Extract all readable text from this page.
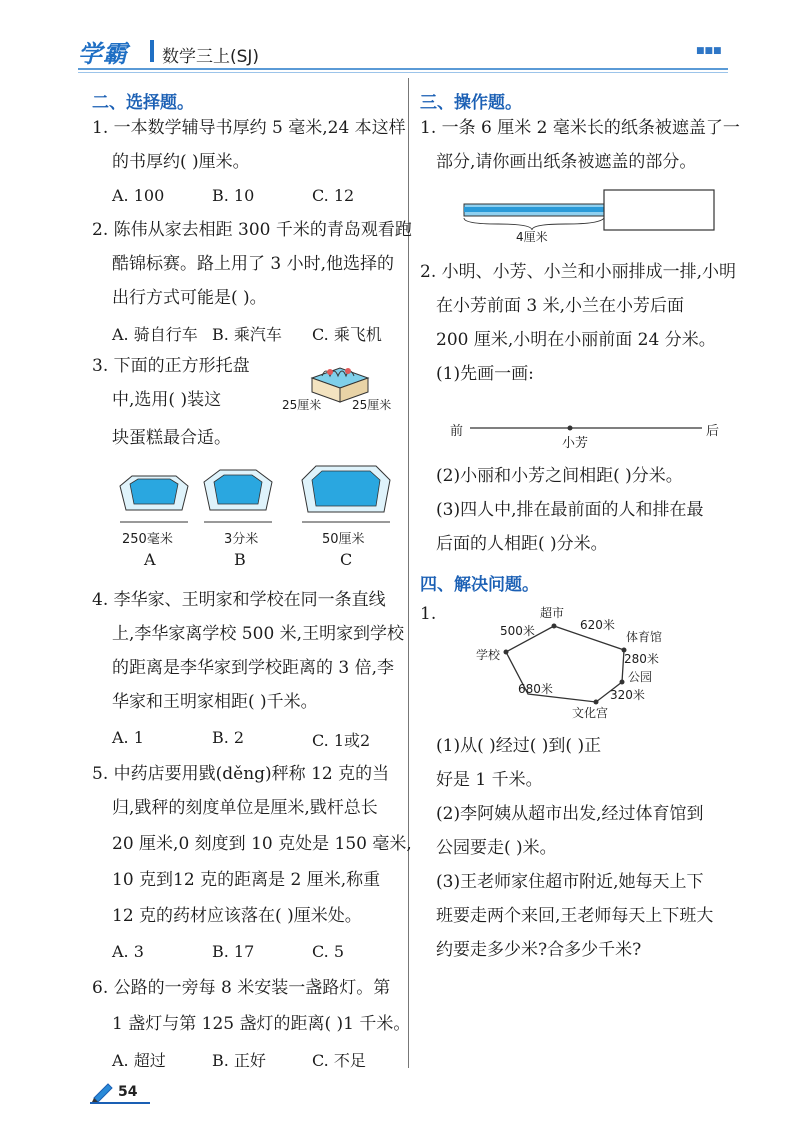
学霸 数学三上(SJ)	■■■
二、选择题。
1. 一本数学辅导书厚约 5 毫米,24 本这样
的书厚约( )厘米。
A. 100	B. 10	C. 12
2. 陈伟从家去相距 300 千米的青岛观看跑
酷锦标赛。路上用了 3 小时,他选择的
出行方式可能是( )。
A. 骑自行车 B. 乘汽车 C. 乘飞机
3. 下面的正方形托盘
中,选用( )装这
块蛋糕最合适。
25厘米	25厘米
250毫米	3分米	50厘米
A	B	C
4. 李华家、王明家和学校在同一条直线
上,李华家离学校 500 米,王明家到学校
的距离是李华家到学校距离的 3 倍,李
华家和王明家相距( )千米。
A. 1	B. 2	C. 1或2
5. 中药店要用戥(děng)秤称 12 克的当
归,戥秤的刻度单位是厘米,戥杆总长
20 厘米,0 刻度到 10 克处是 150 毫米,
10 克到12 克的距离是 2 厘米,称重
12 克的药材应该落在( )厘米处。
A. 3	B. 17	C. 5
6. 公路的一旁每 8 米安装一盏路灯。第
1 盏灯与第 125 盏灯的距离( )1 千米。
A. 超过	B. 正好	C. 不足
三、操作题。
1. 一条 6 厘米 2 毫米长的纸条被遮盖了一
部分,请你画出纸条被遮盖的部分。
4厘米
2. 小明、小芳、小兰和小丽排成一排,小明
在小芳前面 3 米,小兰在小芳后面
200 厘米,小明在小丽前面 24 分米。
(1)先画一画:
前	后
小芳
(2)小丽和小芳之间相距( )分米。
(3)四人中,排在最前面的人和排在最
后面的人相距( )分米。
四、解决问题。
1.	超市
体育馆
学校
公园
文化宫
500米	620米
280米
320米
680米
(1)从( )经过( )到( )正
好是 1 千米。
(2)李阿姨从超市出发,经过体育馆到
公园要走( )米。
(3)王老师家住超市附近,她每天上下
班要走两个来回,王老师每天上下班大
约要走多少米?合多少千米?
54
